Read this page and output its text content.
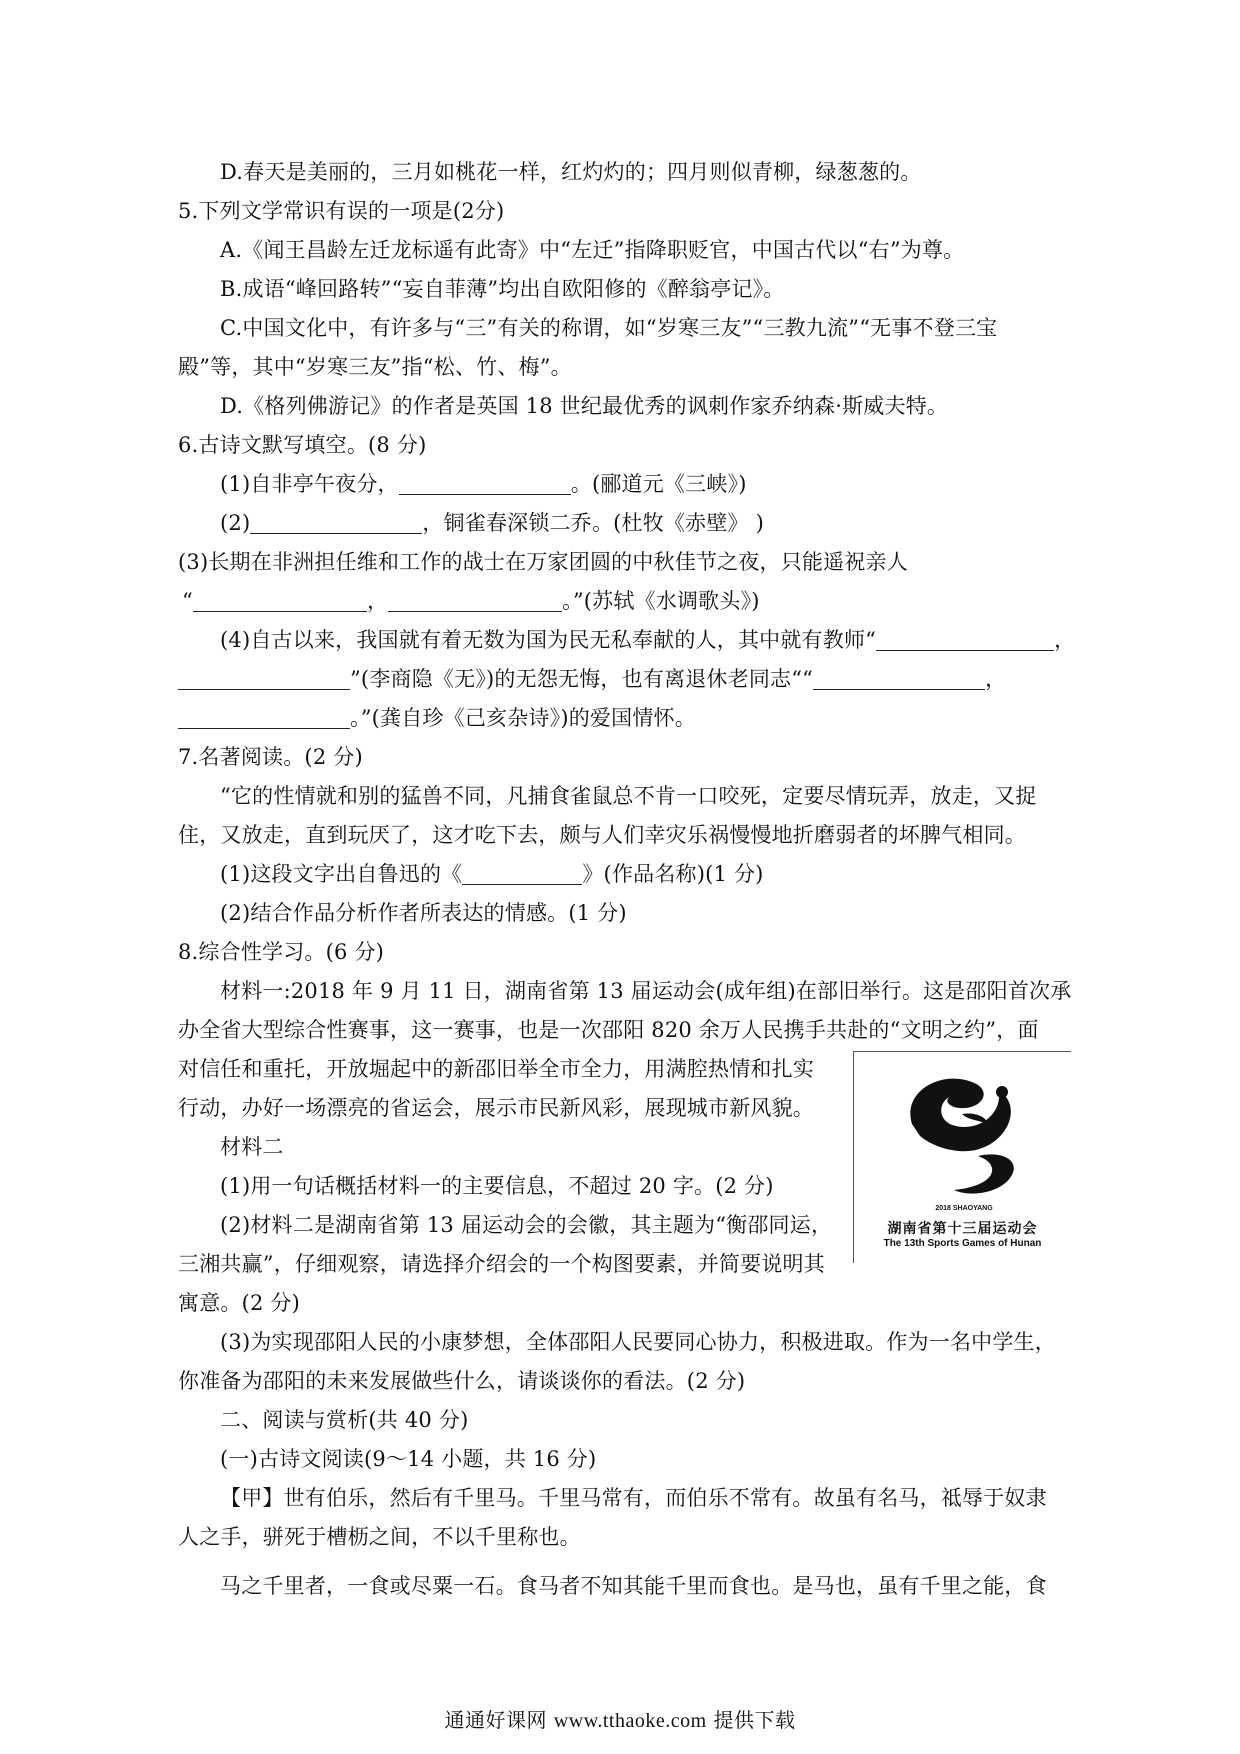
D.春天是美丽的，三月如桃花一样，红灼灼的；四月则似青柳，绿葱葱的。
5.下列文学常识有误的一项是(2分)
A.《闻王昌龄左迁龙标遥有此寄》中“左迁”指降职贬官，中国古代以“右”为尊。
B.成语“峰回路转”“妄自菲薄”均出自欧阳修的《醉翁亭记》。
C.中国文化中，有许多与“三”有关的称谓，如“岁寒三友”“三教九流”“无事不登三宝
殿”等，其中“岁寒三友”指“松、竹、梅”。
D.《格列佛游记》的作者是英国 18 世纪最优秀的讽刺作家乔纳森·斯威夫特。
6.古诗文默写填空。(8 分)
(1)自非亭午夜分，	。(郦道元《三峡》)
(2)	，铜雀春深锁二乔。(杜牧《赤壁》 )
(3)长期在非洲担任维和工作的战士在万家团圆的中秋佳节之夜，只能遥祝亲人
“	，	。”(苏轼《水调歌头》)
(4)自古以来，我国就有着无数为国为民无私奉献的人，其中就有教师“	，
”(李商隐《无》)的无怨无悔，也有离退休老同志““	，
。”(龚自珍《己亥杂诗》)的爱国情怀。
7.名著阅读。(2 分)
“它的性情就和别的猛兽不同，凡捕食雀鼠总不肯一口咬死，定要尽情玩弄，放走，又捉
住，又放走，直到玩厌了，这才吃下去，颇与人们幸灾乐祸慢慢地折磨弱者的坏脾气相同。
(1)这段文字出自鲁迅的《	》(作品名称)(1 分)
(2)结合作品分析作者所表达的情感。(1 分)
8.综合性学习。(6 分)
材料一:2018 年 9 月 11 日，湖南省第 13 届运动会(成年组)在部旧举行。这是邵阳首次承
办全省大型综合性赛事，这一赛事，也是一次邵阳 820 余万人民携手共赴的“文明之约”，面
对信任和重托，开放堀起中的新邵旧举全市全力，用满腔热情和扎实
行动，办好一场漂亮的省运会，展示市民新风彩，展现城市新风貌。
材料二
(1)用一句话概括材料一的主要信息，不超过 20 字。(2 分)
(2)材料二是湖南省第 13 届运动会的会徽，其主题为“衡邵同运，
三湘共赢”，仔细观察，请选择介绍会的一个构图要素，并简要说明其
寓意。(2 分)
(3)为实现邵阳人民的小康梦想，全体邵阳人民要同心协力，积极进取。作为一名中学生，
你准备为邵阳的未来发展做些什么，请谈谈你的看法。(2 分)
2018 SHAOYANG
湖南省第十三届运动会
The 13th Sports Games of Hunan
二、阅读与赏析(共 40 分)
(一)古诗文阅读(9～14 小题，共 16 分)
【甲】世有伯乐，然后有千里马。千里马常有，而伯乐不常有。故虽有名马，祗辱于奴隶
人之手，骈死于槽枥之间，不以千里称也。
马之千里者，一食或尽粟一石。食马者不知其能千里而食也。是马也，虽有千里之能，食
通通好课网 www.tthaoke.com 提供下载
